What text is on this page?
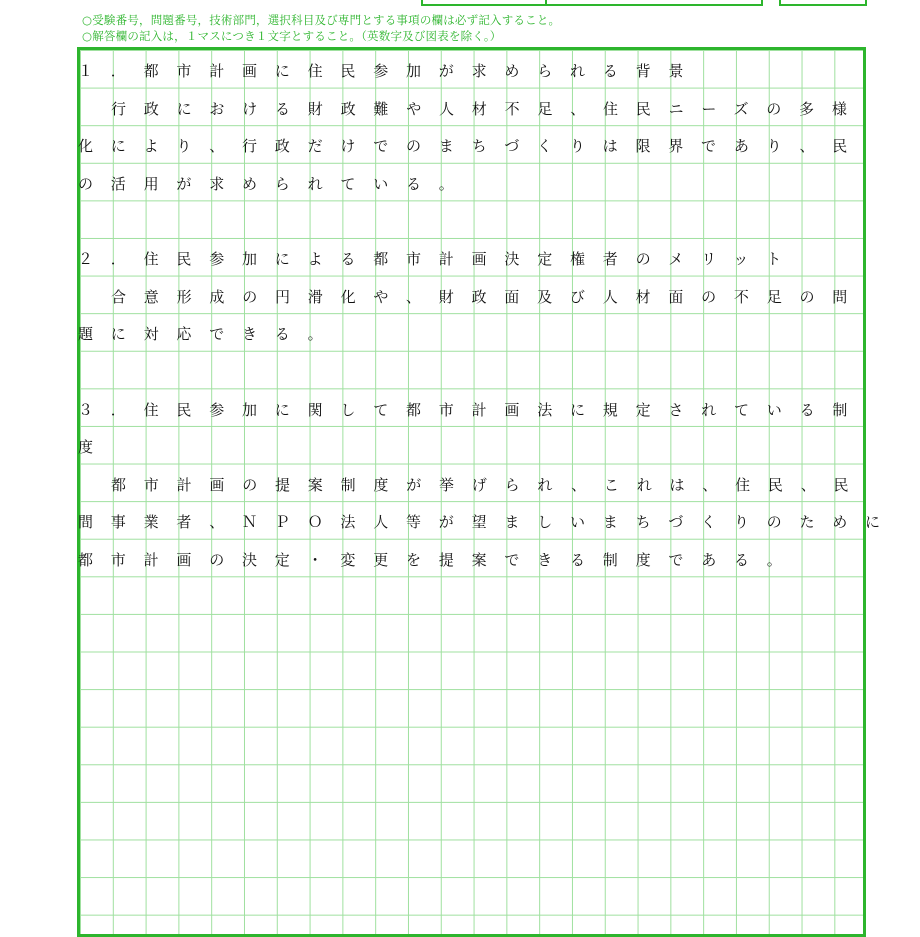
○受験番号，問題番号，技術部門，選択科目及び専門とする事項の欄は必ず記入すること。
○解答欄の記入は，１マスにつき１文字とすること。（英数字及び図表を除く。）
１．都市計画に住民参加が求められる背景
行政における財政難や人材不足、住民ニーズの多様
化により、行政だけでのまちづくりは限界であり、民
の活用が求められている。
２．住民参加による都市計画決定権者のメリット
合意形成の円滑化や、財政面及び人材面の不足の問
題に対応できる。
３．住民参加に関して都市計画法に規定されている制
度
都市計画の提案制度が挙げられ、これは、住民、民
間事業者、ＮＰＯ法人等が望ましいまちづくりのために
都市計画の決定・変更を提案できる制度である。
